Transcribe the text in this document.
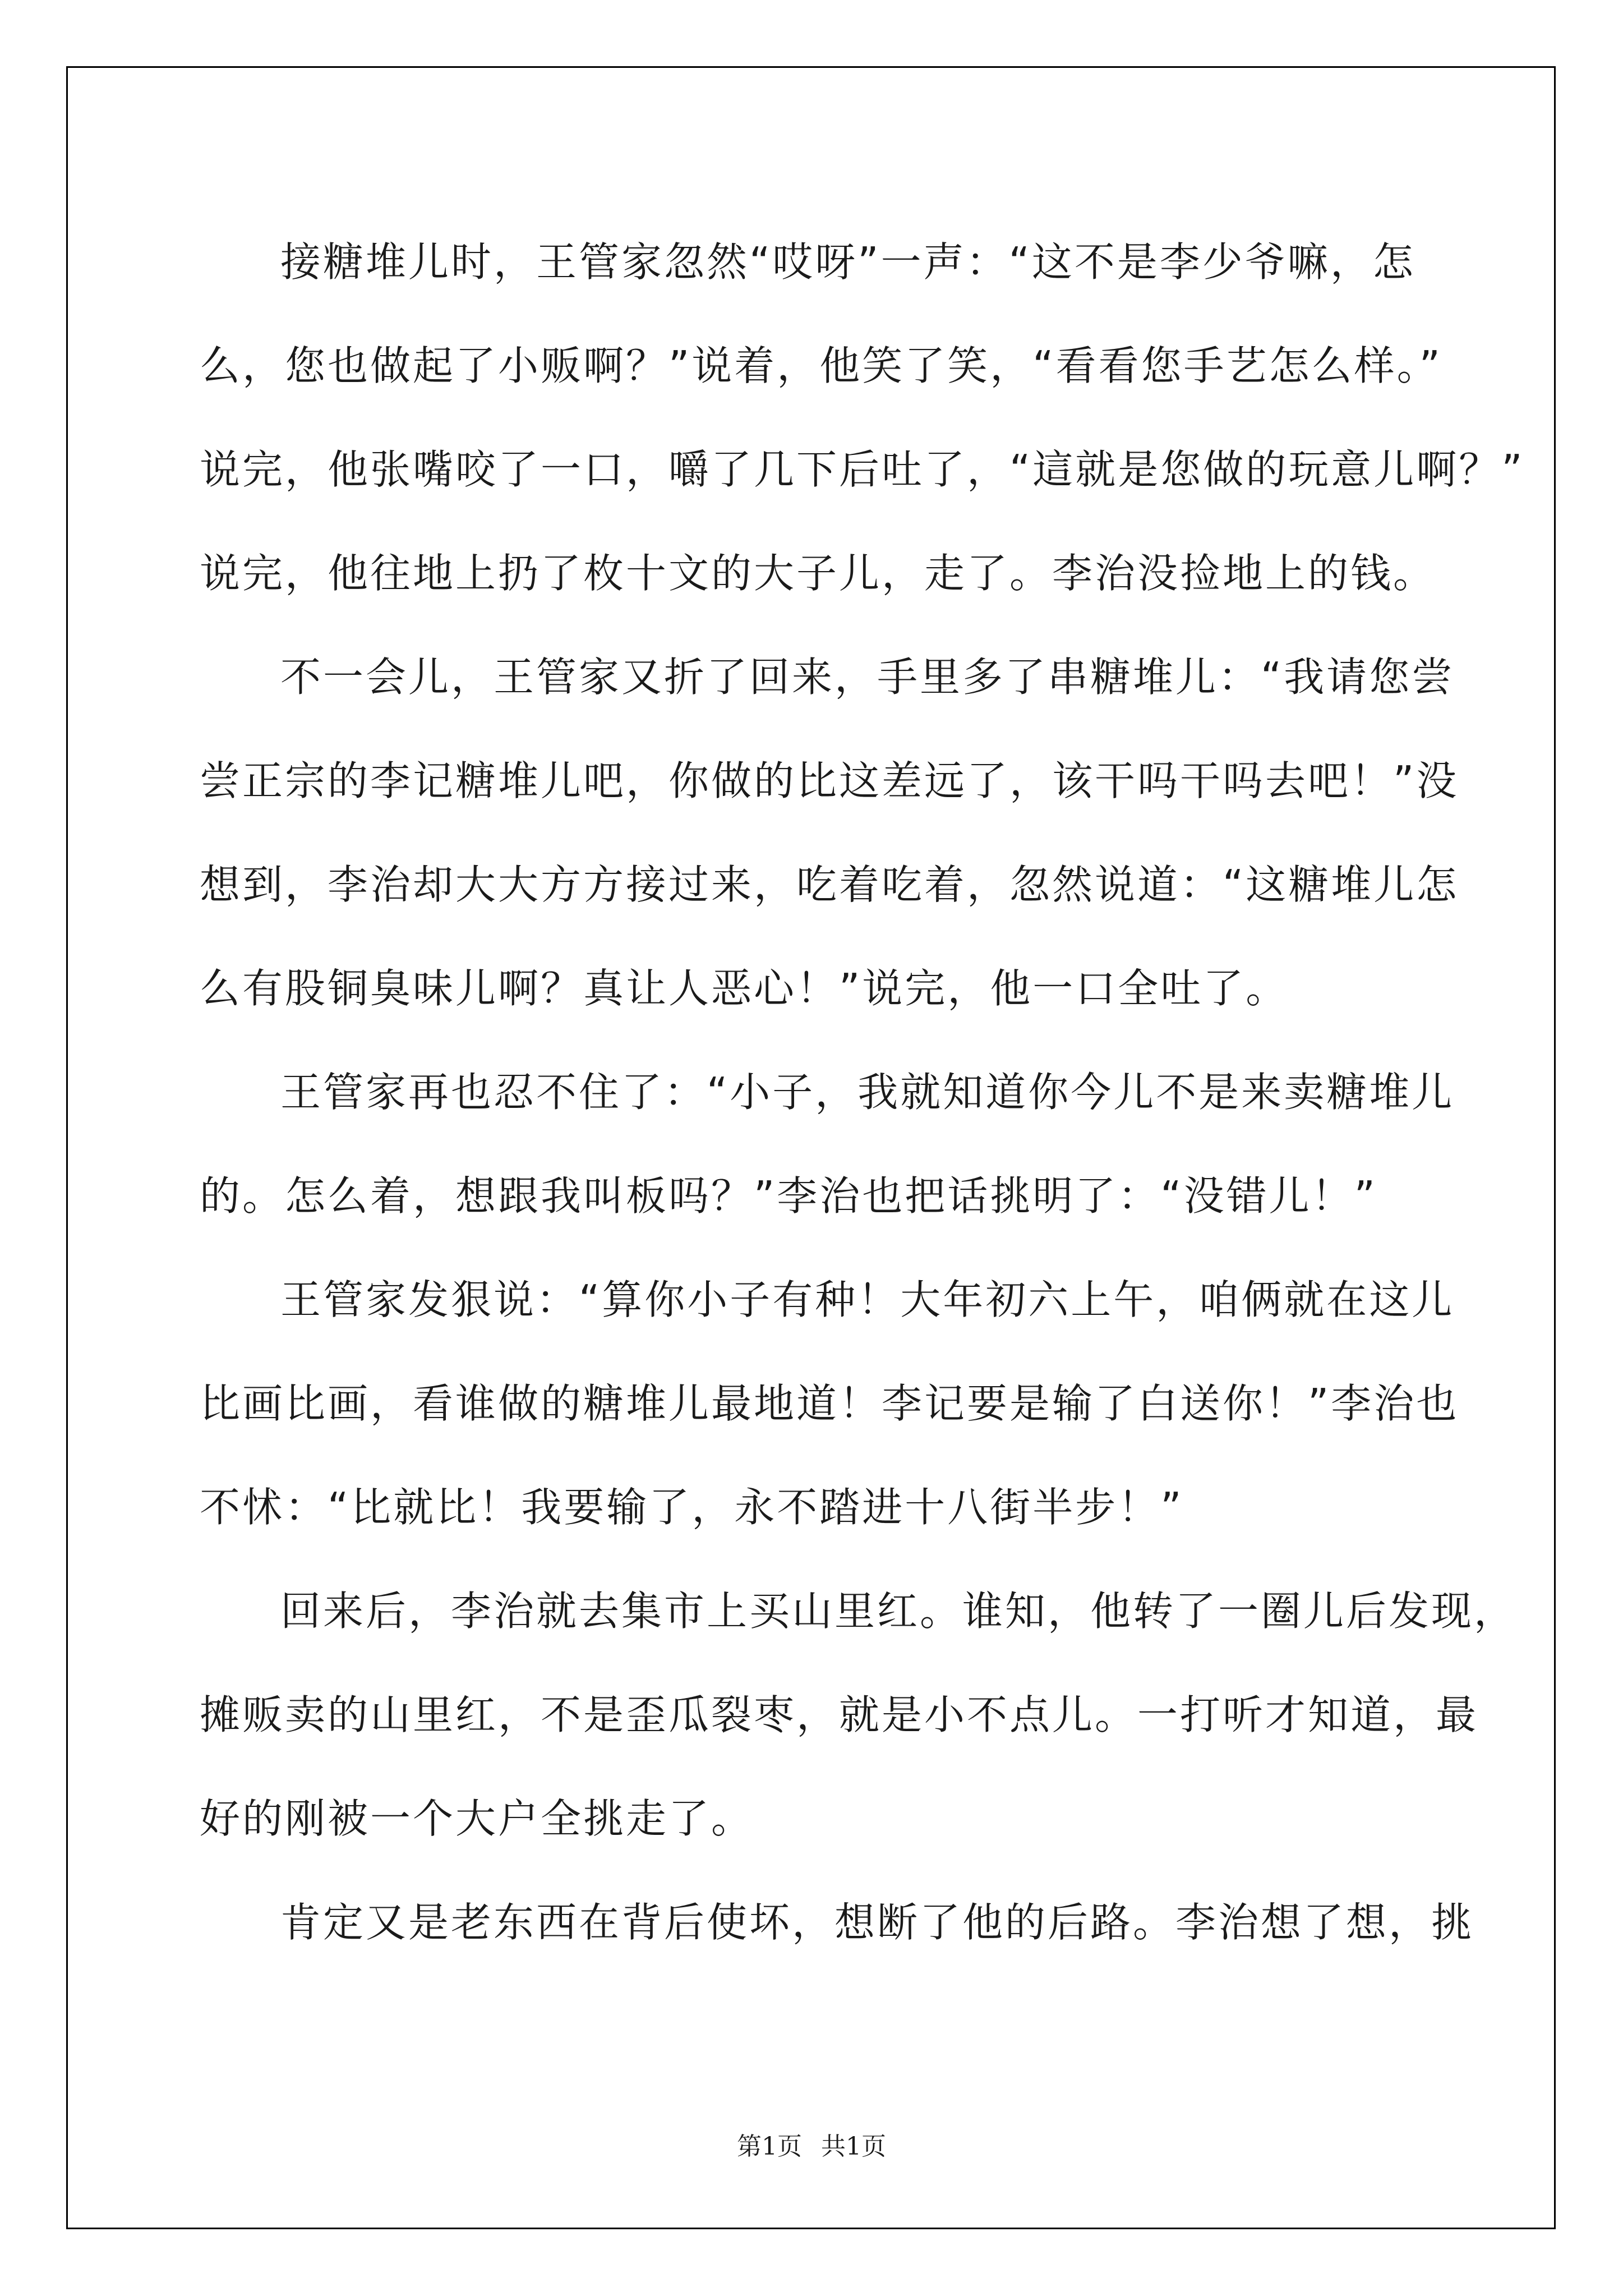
接糖堆儿时，王管家忽然“哎呀”一声：“这不是李少爷嘛，怎
么，您也做起了小贩啊？”说着，他笑了笑，“看看您手艺怎么样。”
说完，他张嘴咬了一口，嚼了几下后吐了，“這就是您做的玩意儿啊？”
说完，他往地上扔了枚十文的大子儿，走了。李治没捡地上的钱。

不一会儿，王管家又折了回来，手里多了串糖堆儿：“我请您尝
尝正宗的李记糖堆儿吧，你做的比这差远了，该干吗干吗去吧！”没
想到，李治却大大方方接过来，吃着吃着，忽然说道：“这糖堆儿怎
么有股铜臭味儿啊？真让人恶心！”说完，他一口全吐了。

王管家再也忍不住了：“小子，我就知道你今儿不是来卖糖堆儿
的。怎么着，想跟我叫板吗？”李治也把话挑明了：“没错儿！”

王管家发狠说：“算你小子有种！大年初六上午，咱俩就在这儿
比画比画，看谁做的糖堆儿最地道！李记要是输了白送你！”李治也
不怵：“比就比！我要输了，永不踏进十八街半步！”

回来后，李治就去集市上买山里红。谁知，他转了一圈儿后发现，
摊贩卖的山里红，不是歪瓜裂枣，就是小不点儿。一打听才知道，最
好的刚被一个大户全挑走了。

肯定又是老东西在背后使坏，想断了他的后路。李治想了想，挑

第1页 共1页
